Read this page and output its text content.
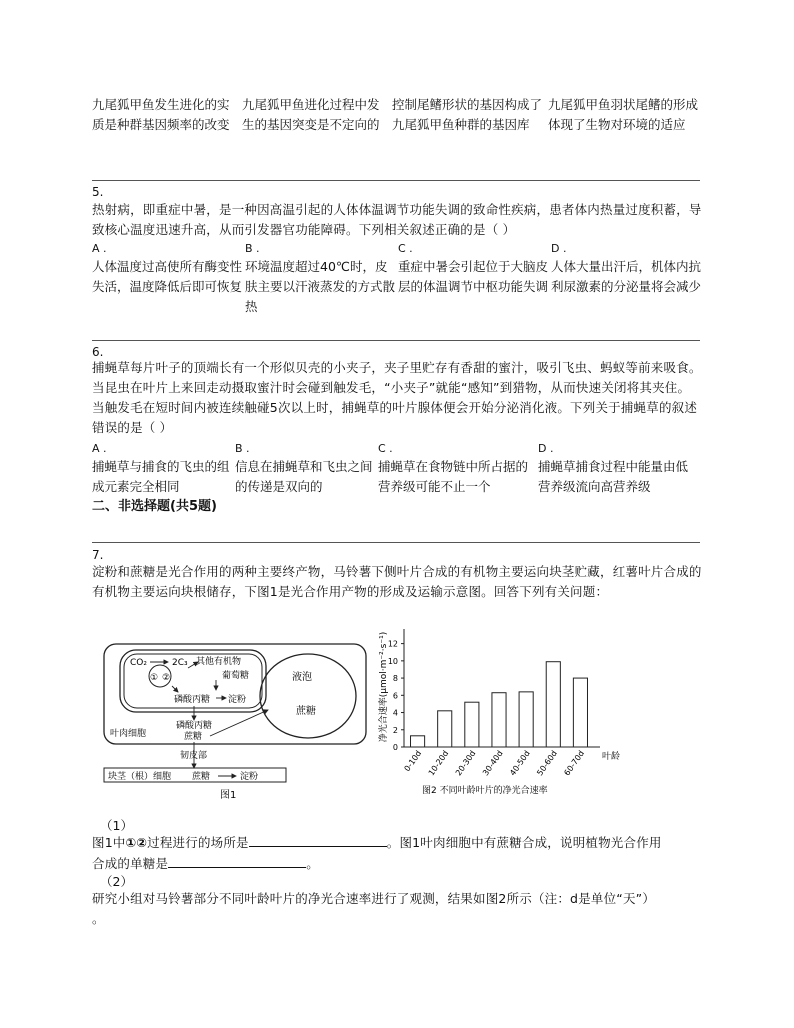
九尾狐甲鱼发生进化的实质是种群基因频率的改变
九尾狐甲鱼进化过程中发生的基因突变是不定向的
控制尾鳍形状的基因构成了九尾狐甲鱼种群的基因库
九尾狐甲鱼羽状尾鳍的形成体现了生物对环境的适应
5.
热射病，即重症中暑，是一种因高温引起的人体体温调节功能失调的致命性疾病，患者体内热量过度积蓄，导致核心温度迅速升高，从而引发器官功能障碍。下列相关叙述正确的是（ ）
A .
人体温度过高使所有酶变性失活，温度降低后即可恢复
B .
环境温度超过40℃时，皮肤主要以汗液蒸发的方式散热
C .
重症中暑会引起位于大脑皮层的体温调节中枢功能失调
D .
人体大量出汗后，机体内抗利尿激素的分泌量将会减少
6.
捕蝇草每片叶子的顶端长有一个形似贝壳的小夹子，夹子里贮存有香甜的蜜汁，吸引飞虫、蚂蚁等前来吸食。当昆虫在叶片上来回走动摄取蜜汁时会碰到触发毛，“小夹子”就能“感知”到猎物，从而快速关闭将其夹住。当触发毛在短时间内被连续触碰5次以上时，捕蝇草的叶片腺体便会开始分泌消化液。下列关于捕蝇草的叙述错误的是（ ）
A .
捕蝇草与捕食的飞虫的组成元素完全相同
B .
信息在捕蝇草和飞虫之间的传递是双向的
C .
捕蝇草在食物链中所占据的营养级可能不止一个
D .
捕蝇草捕食过程中能量由低营养级流向高营养级
二、非选择题(共5题)
7.
淀粉和蔗糖是光合作用的两种主要终产物，马铃薯下侧叶片合成的有机物主要运向块茎贮藏，红薯叶片合成的有机物主要运向块根储存，下图1是光合作用产物的形成及运输示意图。回答下列有关问题：
液泡
蔗糖
CO₂	2C₃
① ②
其他有机物
葡萄糖
磷酸丙糖 淀粉
磷酸丙糖
蔗糖
叶肉细胞
韧皮部
块茎（根）细胞 蔗糖	淀粉
图1
0
2
4
6
8
10
12
净光合速率(μmol·m⁻²·s⁻¹)
0-10d 10-20d 20-30d 30-40d 40-50d 50-60d 60-70d 叶龄
图2 不同叶龄叶片的净光合速率
（1）
图1中①②过程进行的场所是	。图1叶肉细胞中有蔗糖合成，说明植物光合作用
合成的单糖是	。
（2）
研究小组对马铃薯部分不同叶龄叶片的净光合速率进行了观测，结果如图2所示（注：d是单位“天”）
。
